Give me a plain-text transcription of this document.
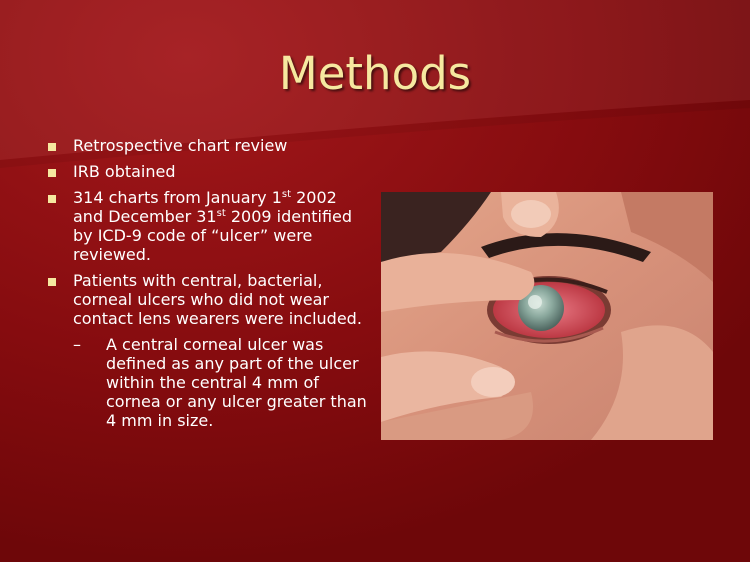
Methods
Retrospective chart review
IRB obtained
314 charts from January 1st 2002 and December 31st 2009 identified by ICD-9 code of “ulcer” were reviewed.
Patients with central, bacterial, corneal ulcers who did not wear contact lens wearers were included.
– A central corneal ulcer was defined as any part of the ulcer within the central 4 mm of cornea or any ulcer greater than 4 mm in size.
